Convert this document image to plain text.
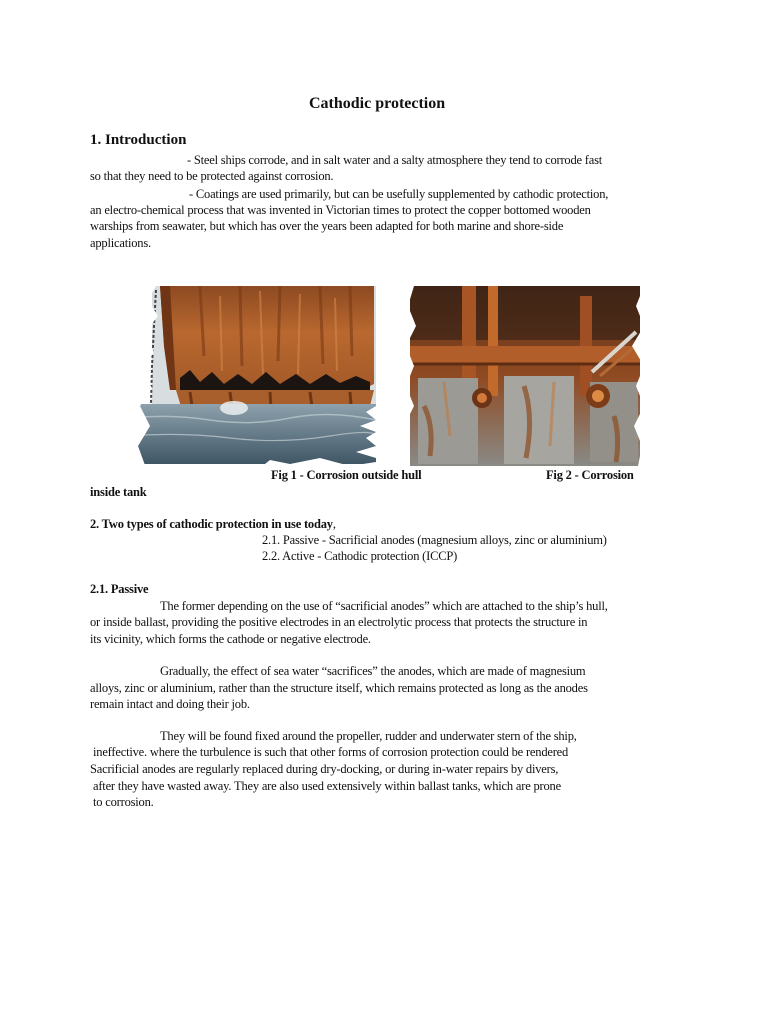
Cathodic protection
1. Introduction
- Steel ships corrode, and in salt water and a salty atmosphere they tend to corrode fast
so that they need to be protected against corrosion.
- Coatings are used primarily, but can be usefully supplemented by cathodic protection,
an electro-chemical process that was invented in Victorian times to protect the copper bottomed wooden
warships from seawater, but which has over the years been adapted for both marine and shore-side
applications.
Fig 1 - Corrosion outside hull	Fig 2 - Corrosion
inside tank
2. Two types of cathodic protection in use today,
2.1. Passive - Sacrificial anodes (magnesium alloys, zinc or aluminium)
2.2. Active - Cathodic protection (ICCP)
2.1. Passive
The former depending on the use of “sacrificial anodes” which are attached to the ship’s hull,
or inside ballast, providing the positive electrodes in an electrolytic process that protects the structure in
its vicinity, which forms the cathode or negative electrode.
Gradually, the effect of sea water “sacrifices” the anodes, which are made of magnesium
alloys, zinc or aluminium, rather than the structure itself, which remains protected as long as the anodes
remain intact and doing their job.
They will be found fixed around the propeller, rudder and underwater stern of the ship,
ineffective. where the turbulence is such that other forms of corrosion protection could be rendered
Sacrificial anodes are regularly replaced during dry-docking, or during in-water repairs by divers,
after they have wasted away. They are also used extensively within ballast tanks, which are prone
to corrosion.
